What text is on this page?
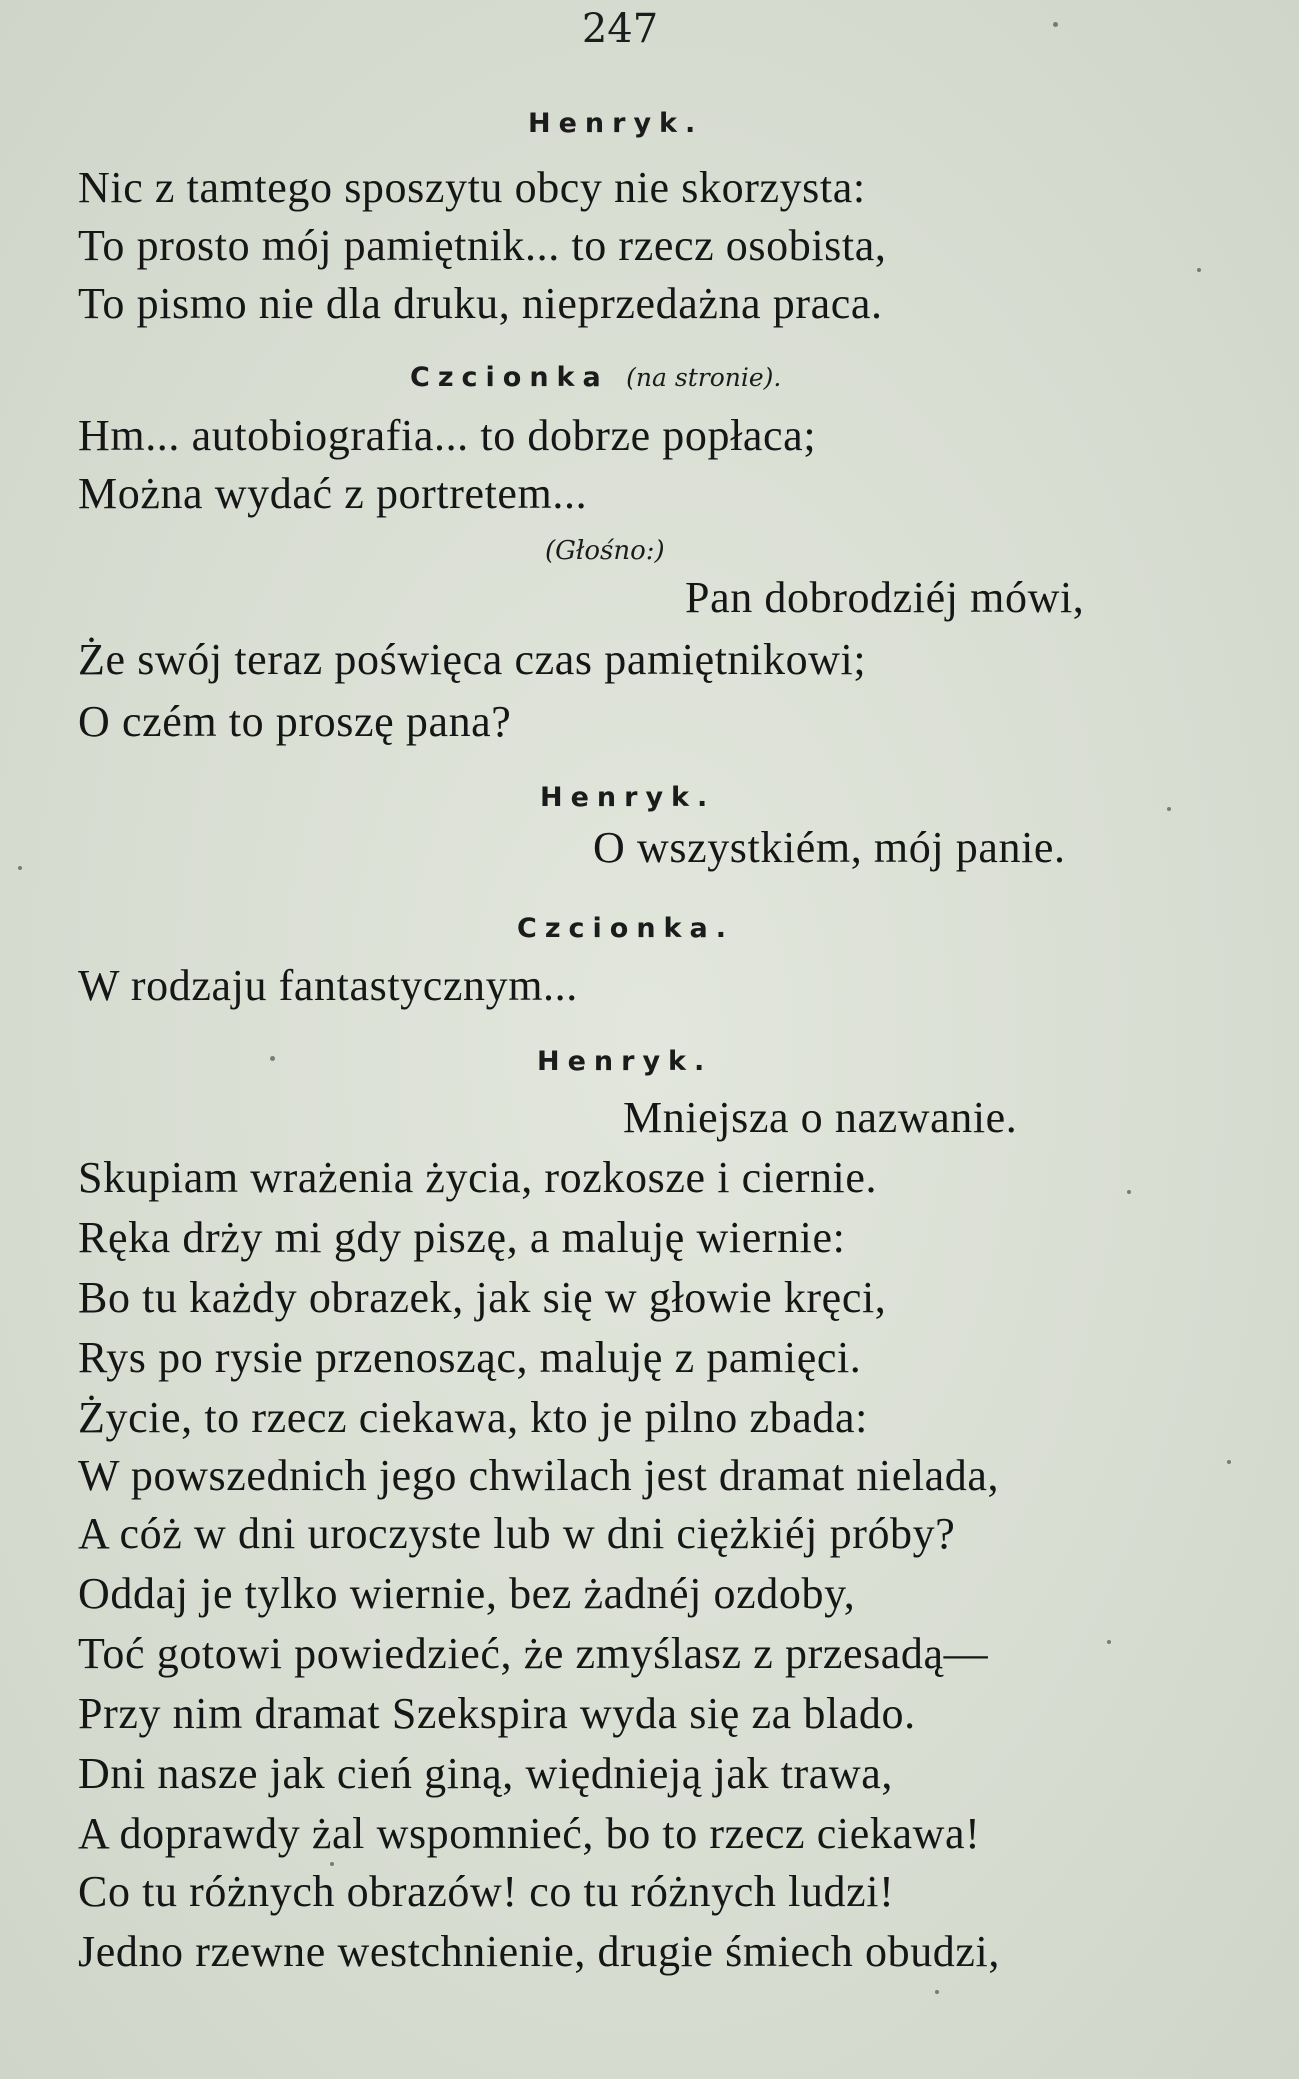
247
Henryk.
Nic z tamtego sposzytu obcy nie skorzysta:
To prosto mój pamiętnik... to rzecz osobista,
To pismo nie dla druku, nieprzedażna praca.
Czcionka (na stronie).
Hm... autobiografia... to dobrze popłaca;
Można wydać z portretem...
(Głośno:)
Pan dobrodziéj mówi,
Że swój teraz poświęca czas pamiętnikowi;
O czém to proszę pana?
Henryk.
O wszystkiém, mój panie.
Czcionka.
W rodzaju fantastycznym...
Henryk.
Mniejsza o nazwanie.
Skupiam wrażenia życia, rozkosze i ciernie.
Ręka drży mi gdy piszę, a maluję wiernie:
Bo tu każdy obrazek, jak się w głowie kręci,
Rys po rysie przenosząc, maluję z pamięci.
Życie, to rzecz ciekawa, kto je pilno zbada:
W powszednich jego chwilach jest dramat nielada,
A cóż w dni uroczyste lub w dni ciężkiéj próby?
Oddaj je tylko wiernie, bez żadnéj ozdoby,
Toć gotowi powiedzieć, że zmyślasz z przesadą—
Przy nim dramat Szekspira wyda się za blado.
Dni nasze jak cień giną, więdnieją jak trawa,
A doprawdy żal wspomnieć, bo to rzecz ciekawa!
Co tu różnych obrazów! co tu różnych ludzi!
Jedno rzewne westchnienie, drugie śmiech obudzi,
